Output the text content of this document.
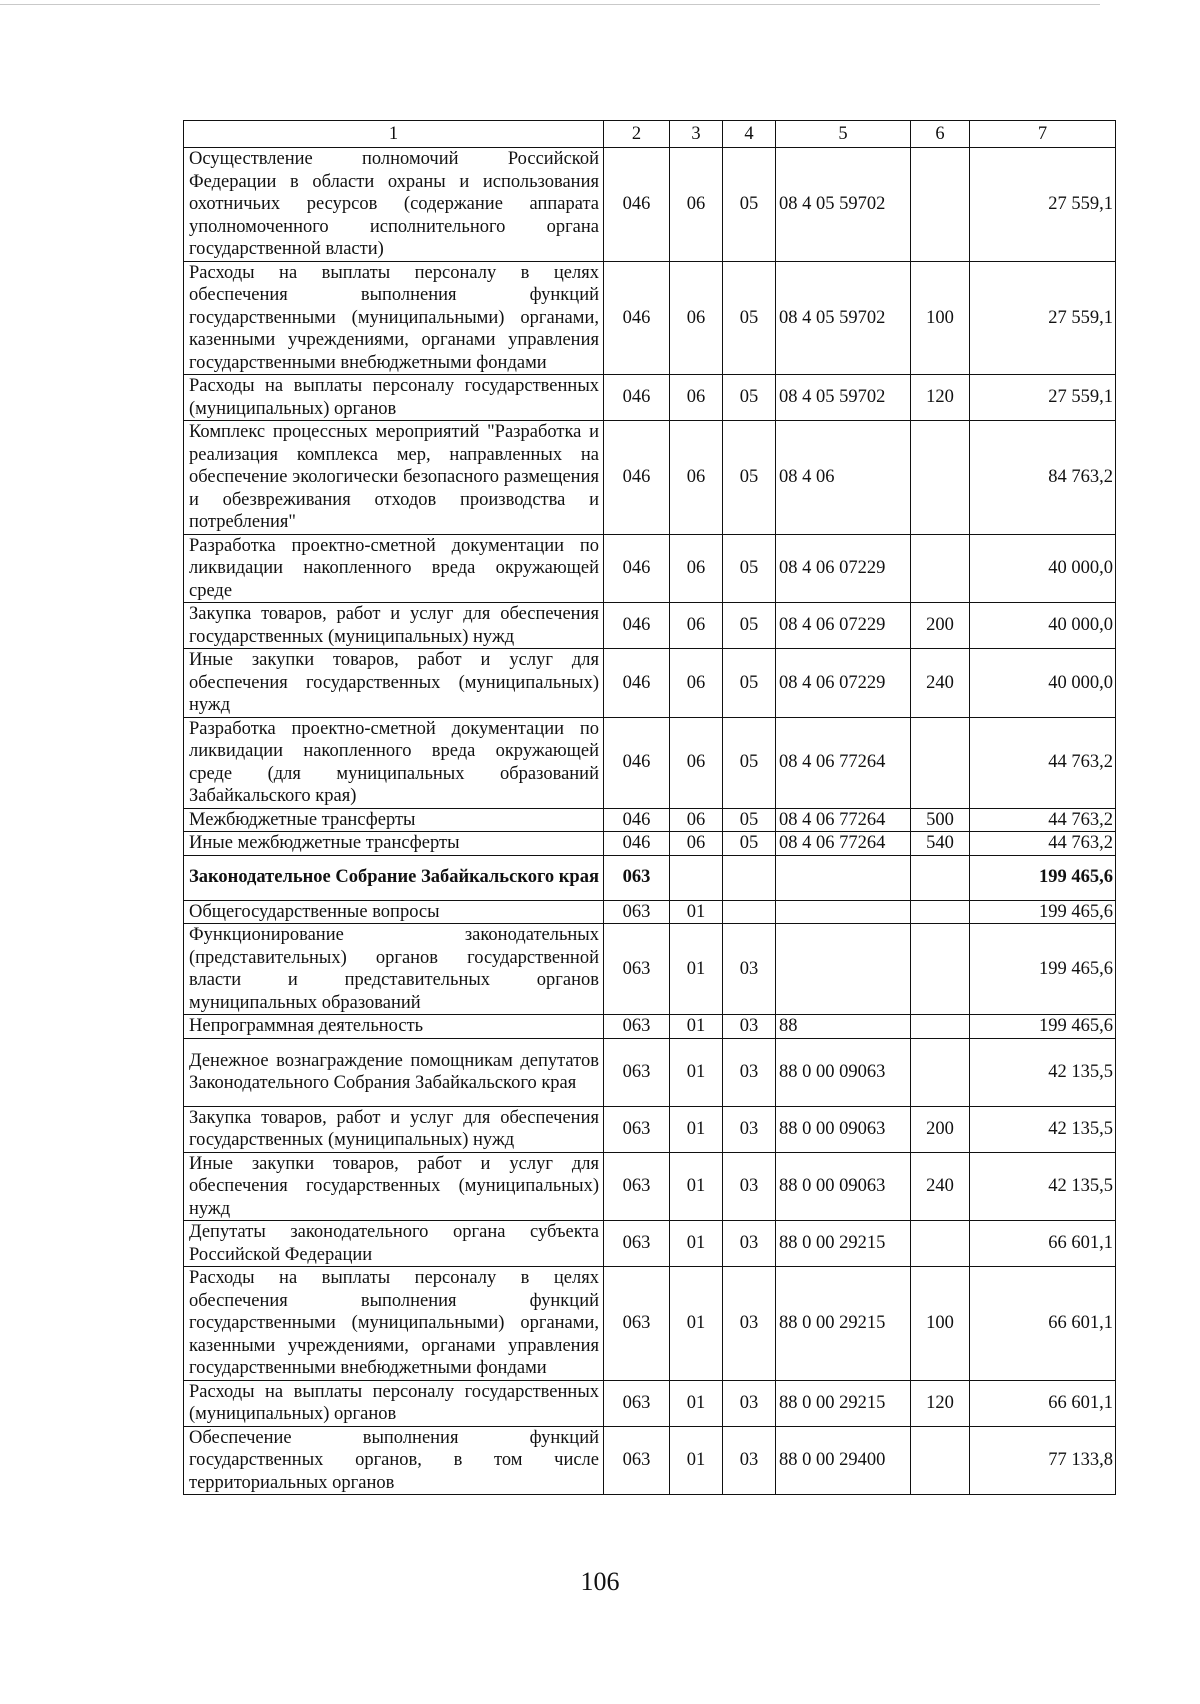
1	2	3	4	5	6	7
Осуществление полномочий Российской Федерации в области охраны и использования охотничьих ресурсов (содержание аппарата уполномоченного исполнительного органа государственной власти)	046	06	05	08 4 05 59702		27 559,1
Расходы на выплаты персоналу в целях обеспечения выполнения функций государственными (муниципальными) органами, казенными учреждениями, органами управления государственными внебюджетными фондами	046	06	05	08 4 05 59702	100	27 559,1
Расходы на выплаты персоналу государственных (муниципальных) органов	046	06	05	08 4 05 59702	120	27 559,1
Комплекс процессных мероприятий "Разработка и реализация комплекса мер, направленных на обеспечение экологически безопасного размещения и обезвреживания отходов производства и потребления"	046	06	05	08 4 06		84 763,2
Разработка проектно-сметной документации по ликвидации накопленного вреда окружающей среде	046	06	05	08 4 06 07229		40 000,0
Закупка товаров, работ и услуг для обеспечения государственных (муниципальных) нужд	046	06	05	08 4 06 07229	200	40 000,0
Иные закупки товаров, работ и услуг для обеспечения государственных (муниципальных) нужд	046	06	05	08 4 06 07229	240	40 000,0
Разработка проектно-сметной документации по ликвидации накопленного вреда окружающей среде (для муниципальных образований Забайкальского края)	046	06	05	08 4 06 77264		44 763,2
Межбюджетные трансферты	046	06	05	08 4 06 77264	500	44 763,2
Иные межбюджетные трансферты	046	06	05	08 4 06 77264	540	44 763,2
Законодательное Собрание Забайкальского края	063					199 465,6
Общегосударственные вопросы	063	01				199 465,6
Функционирование законодательных (представительных) органов государственной власти и представительных органов муниципальных образований	063	01	03			199 465,6
Непрограммная деятельность	063	01	03	88		199 465,6
Денежное вознаграждение помощникам депутатов Законодательного Собрания Забайкальского края	063	01	03	88 0 00 09063		42 135,5
Закупка товаров, работ и услуг для обеспечения государственных (муниципальных) нужд	063	01	03	88 0 00 09063	200	42 135,5
Иные закупки товаров, работ и услуг для обеспечения государственных (муниципальных) нужд	063	01	03	88 0 00 09063	240	42 135,5
Депутаты законодательного органа субъекта Российской Федерации	063	01	03	88 0 00 29215		66 601,1
Расходы на выплаты персоналу в целях обеспечения выполнения функций государственными (муниципальными) органами, казенными учреждениями, органами управления государственными внебюджетными фондами	063	01	03	88 0 00 29215	100	66 601,1
Расходы на выплаты персоналу государственных (муниципальных) органов	063	01	03	88 0 00 29215	120	66 601,1
Обеспечение выполнения функций государственных органов, в том числе территориальных органов	063	01	03	88 0 00 29400		77 133,8
106
